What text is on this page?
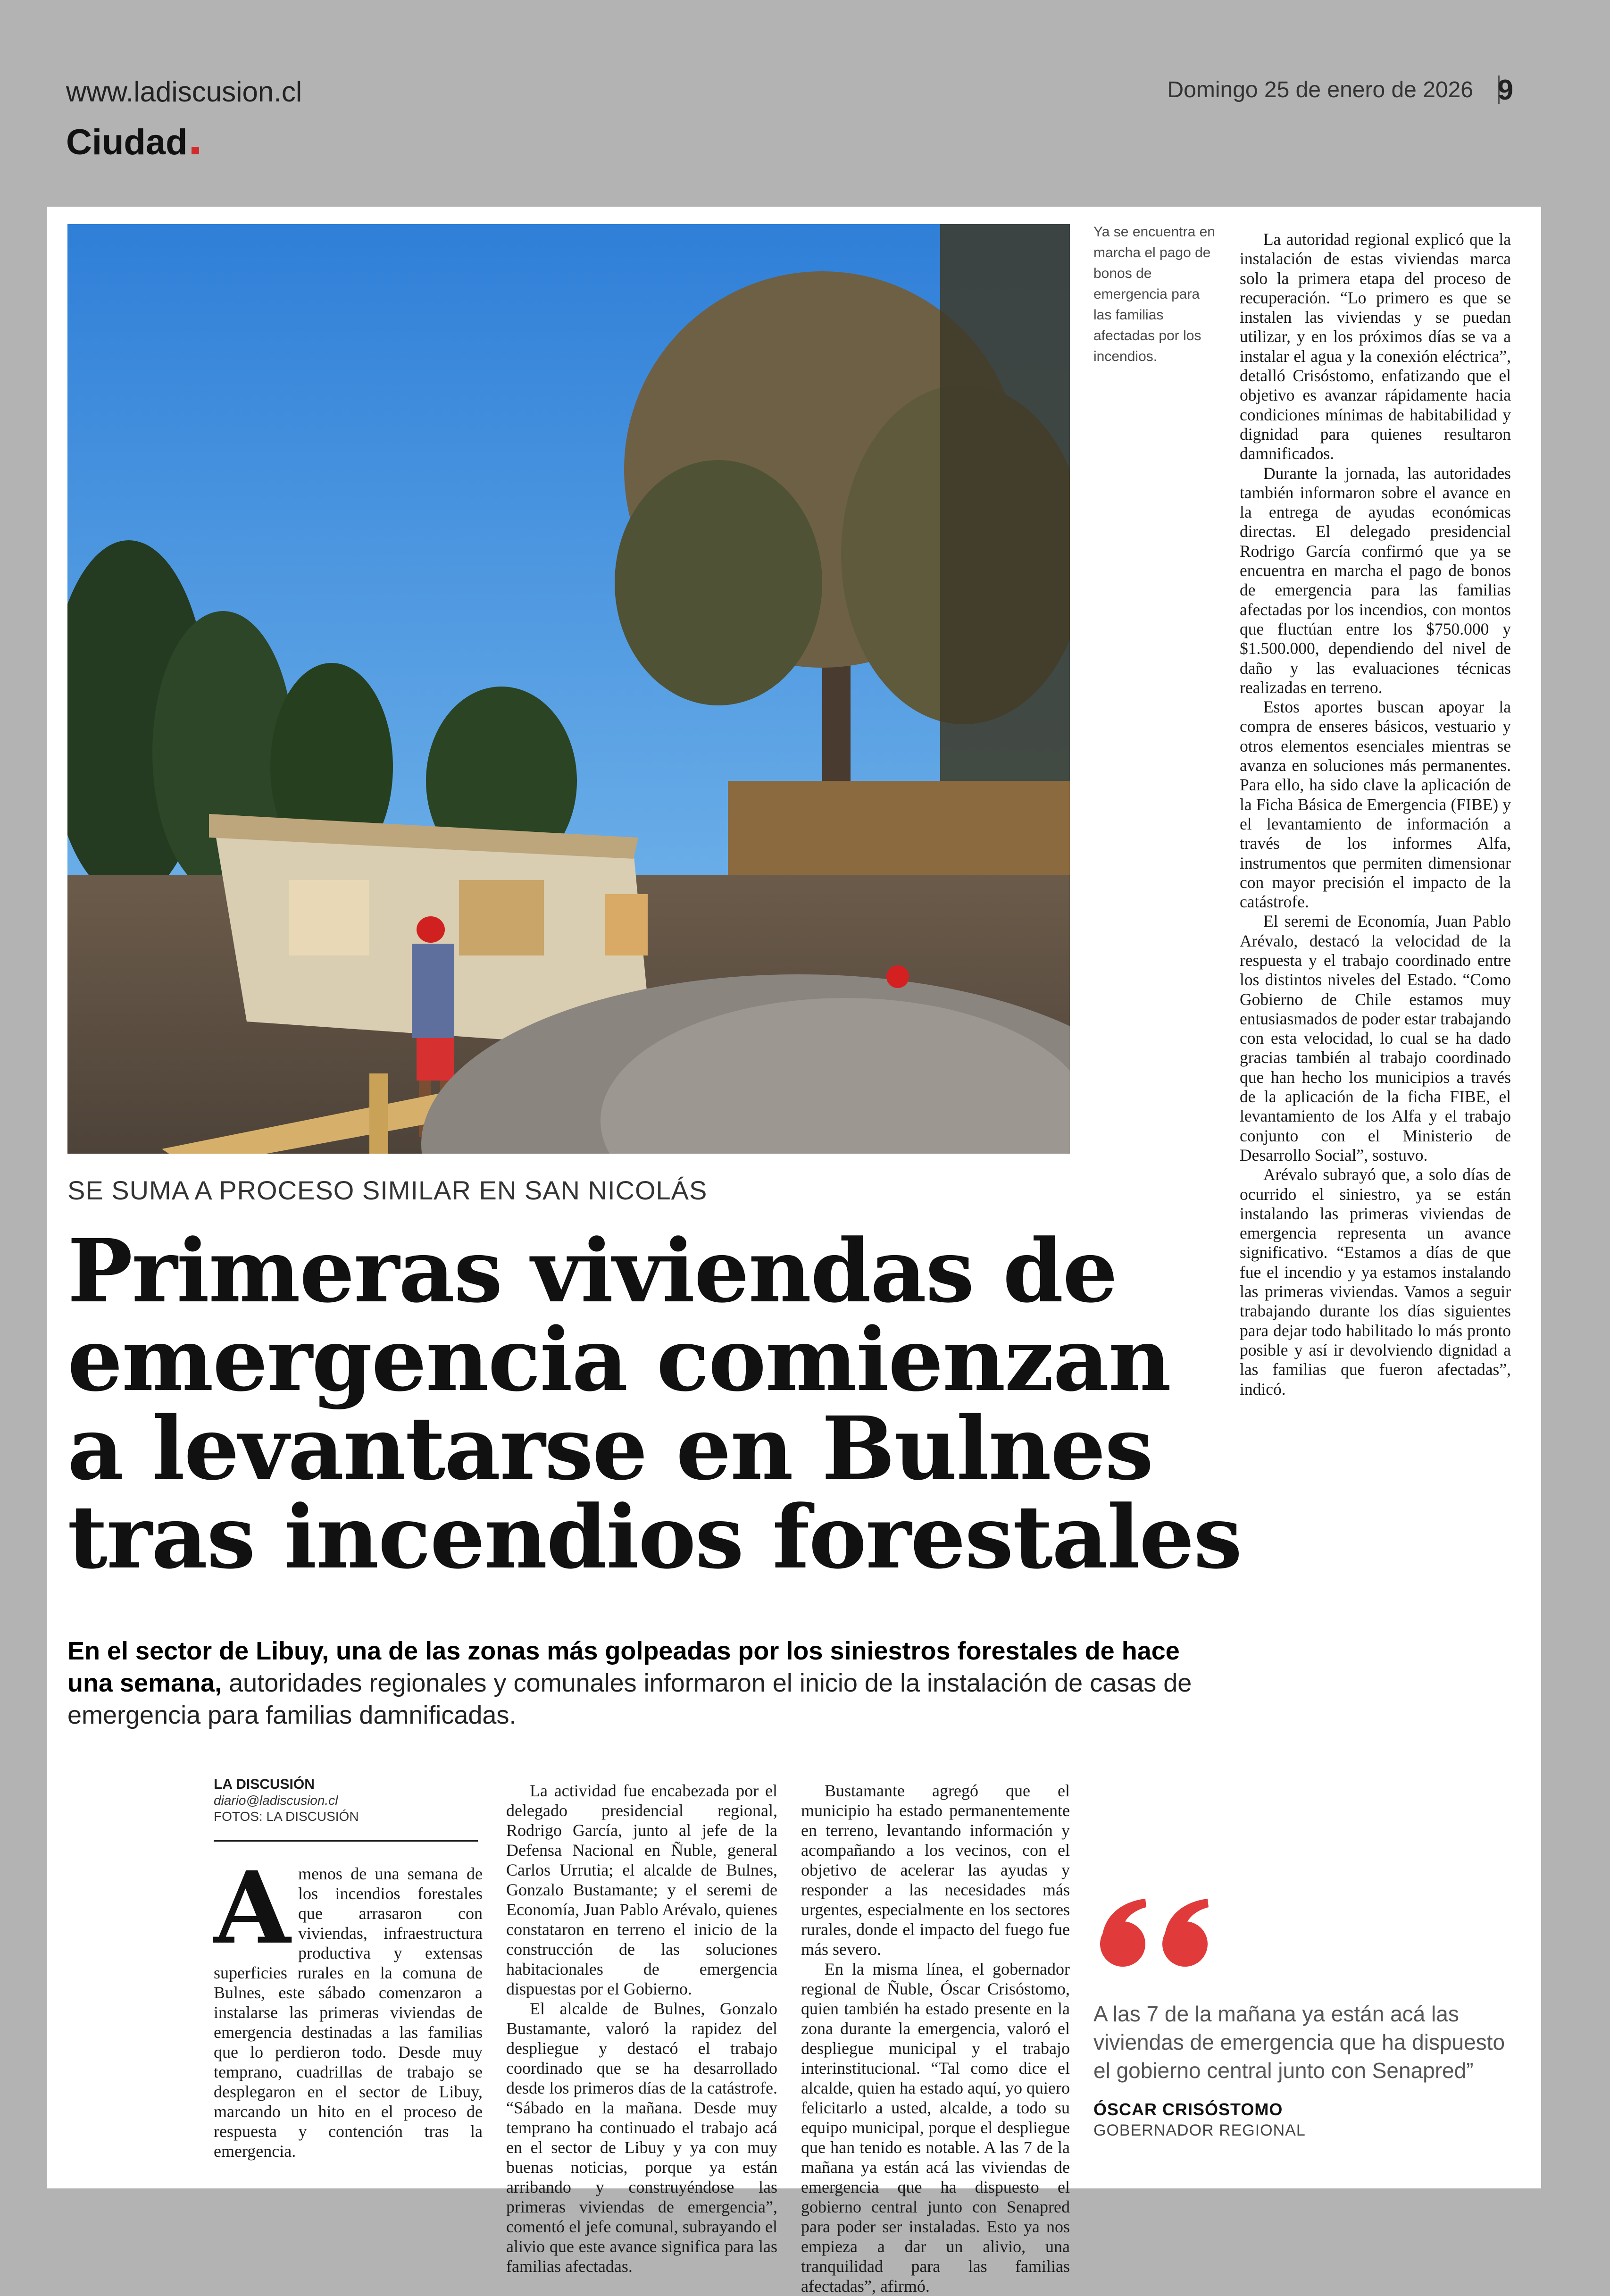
www.ladiscusion.cl
Ciudad
Domingo 25 de enero de 2026 9
Ya se encuentra en marcha el pago de bonos de emergencia para las familias afectadas por los incendios.
SE SUMA A PROCESO SIMILAR EN SAN NICOLÁS
Primeras viviendas de emergencia comienzan a levantarse en Bulnes tras incendios forestales
En el sector de Libuy, una de las zonas más golpeadas por los siniestros forestales de hace una semana, autoridades regionales y comunales informaron el inicio de la instalación de casas de emergencia para familias damnificadas.
LA DISCUSIÓN
diario@ladiscusion.cl
FOTOS: LA DISCUSIÓN

Amenos de una semana de los incendios forestales que arrasaron con viviendas, infraestructura productiva y extensas superficies rurales en la comuna de Bulnes, este sábado comenzaron a instalarse las primeras viviendas de emergencia destinadas a las familias que lo perdieron todo. Desde muy temprano, cuadrillas de trabajo se desplegaron en el sector de Libuy, marcando un hito en el proceso de respuesta y contención tras la emergencia.

La actividad fue encabezada por el delegado presidencial regional, Rodrigo García, junto al jefe de la Defensa Nacional en Ñuble, general Carlos Urrutia; el alcalde de Bulnes, Gonzalo Bustamante; y el seremi de Economía, Juan Pablo Arévalo, quienes constataron en terreno el inicio de la construcción de las soluciones habitacionales de emergencia dispuestas por el Gobierno.

El alcalde de Bulnes, Gonzalo Bustamante, valoró la rapidez del despliegue y destacó el trabajo coordinado que se ha desarrollado desde los primeros días de la catástrofe. “Sábado en la mañana. Desde muy temprano ha continuado el trabajo acá en el sector de Libuy y ya con muy buenas noticias, porque ya están arribando y construyéndose las primeras viviendas de emergencia”, comentó el jefe comunal, subrayando el alivio que este avance significa para las familias afectadas.

Bustamante agregó que el municipio ha estado permanentemente en terreno, levantando información y acompañando a los vecinos, con el objetivo de acelerar las ayudas y responder a las necesidades más urgentes, especialmente en los sectores rurales, donde el impacto del fuego fue más severo.

En la misma línea, el gobernador regional de Ñuble, Óscar Crisóstomo, quien también ha estado presente en la zona durante la emergencia, valoró el despliegue municipal y el trabajo interinstitucional. “Tal como dice el alcalde, quien ha estado aquí, yo quiero felicitarlo a usted, alcalde, a todo su equipo municipal, porque el despliegue que han tenido es notable. A las 7 de la mañana ya están acá las viviendas de emergencia que ha dispuesto el gobierno central junto con Senapred para poder ser instaladas. Esto ya nos empieza a dar un alivio, una tranquilidad para las familias afectadas”, afirmó.

La autoridad regional explicó que la instalación de estas viviendas marca solo la primera etapa del proceso de recuperación. “Lo primero es que se instalen las viviendas y se puedan utilizar, y en los próximos días se va a instalar el agua y la conexión eléctrica”, detalló Crisóstomo, enfatizando que el objetivo es avanzar rápidamente hacia condiciones mínimas de habitabilidad y dignidad para quienes resultaron damnificados.

Durante la jornada, las autoridades también informaron sobre el avance en la entrega de ayudas económicas directas. El delegado presidencial Rodrigo García confirmó que ya se encuentra en marcha el pago de bonos de emergencia para las familias afectadas por los incendios, con montos que fluctúan entre los $750.000 y $1.500.000, dependiendo del nivel de daño y las evaluaciones técnicas realizadas en terreno.

Estos aportes buscan apoyar la compra de enseres básicos, vestuario y otros elementos esenciales mientras se avanza en soluciones más permanentes. Para ello, ha sido clave la aplicación de la Ficha Básica de Emergencia (FIBE) y el levantamiento de información a través de los informes Alfa, instrumentos que permiten dimensionar con mayor precisión el impacto de la catástrofe.

El seremi de Economía, Juan Pablo Arévalo, destacó la velocidad de la respuesta y el trabajo coordinado entre los distintos niveles del Estado. “Como Gobierno de Chile estamos muy entusiasmados de poder estar trabajando con esta velocidad, lo cual se ha dado gracias también al trabajo coordinado que han hecho los municipios a través de la aplicación de la ficha FIBE, el levantamiento de los Alfa y el trabajo conjunto con el Ministerio de Desarrollo Social”, sostuvo.

Arévalo subrayó que, a solo días de ocurrido el siniestro, ya se están instalando las primeras viviendas de emergencia representa un avance significativo. “Estamos a días de que fue el incendio y ya estamos instalando las primeras viviendas. Vamos a seguir trabajando durante los días siguientes para dejar todo habilitado lo más pronto posible y así ir devolviendo dignidad a las familias que fueron afectadas”, indicó.

A las 7 de la mañana ya están acá las viviendas de emergencia que ha dispuesto el gobierno central junto con Senapred”
ÓSCAR CRISÓSTOMO
GOBERNADOR REGIONAL
